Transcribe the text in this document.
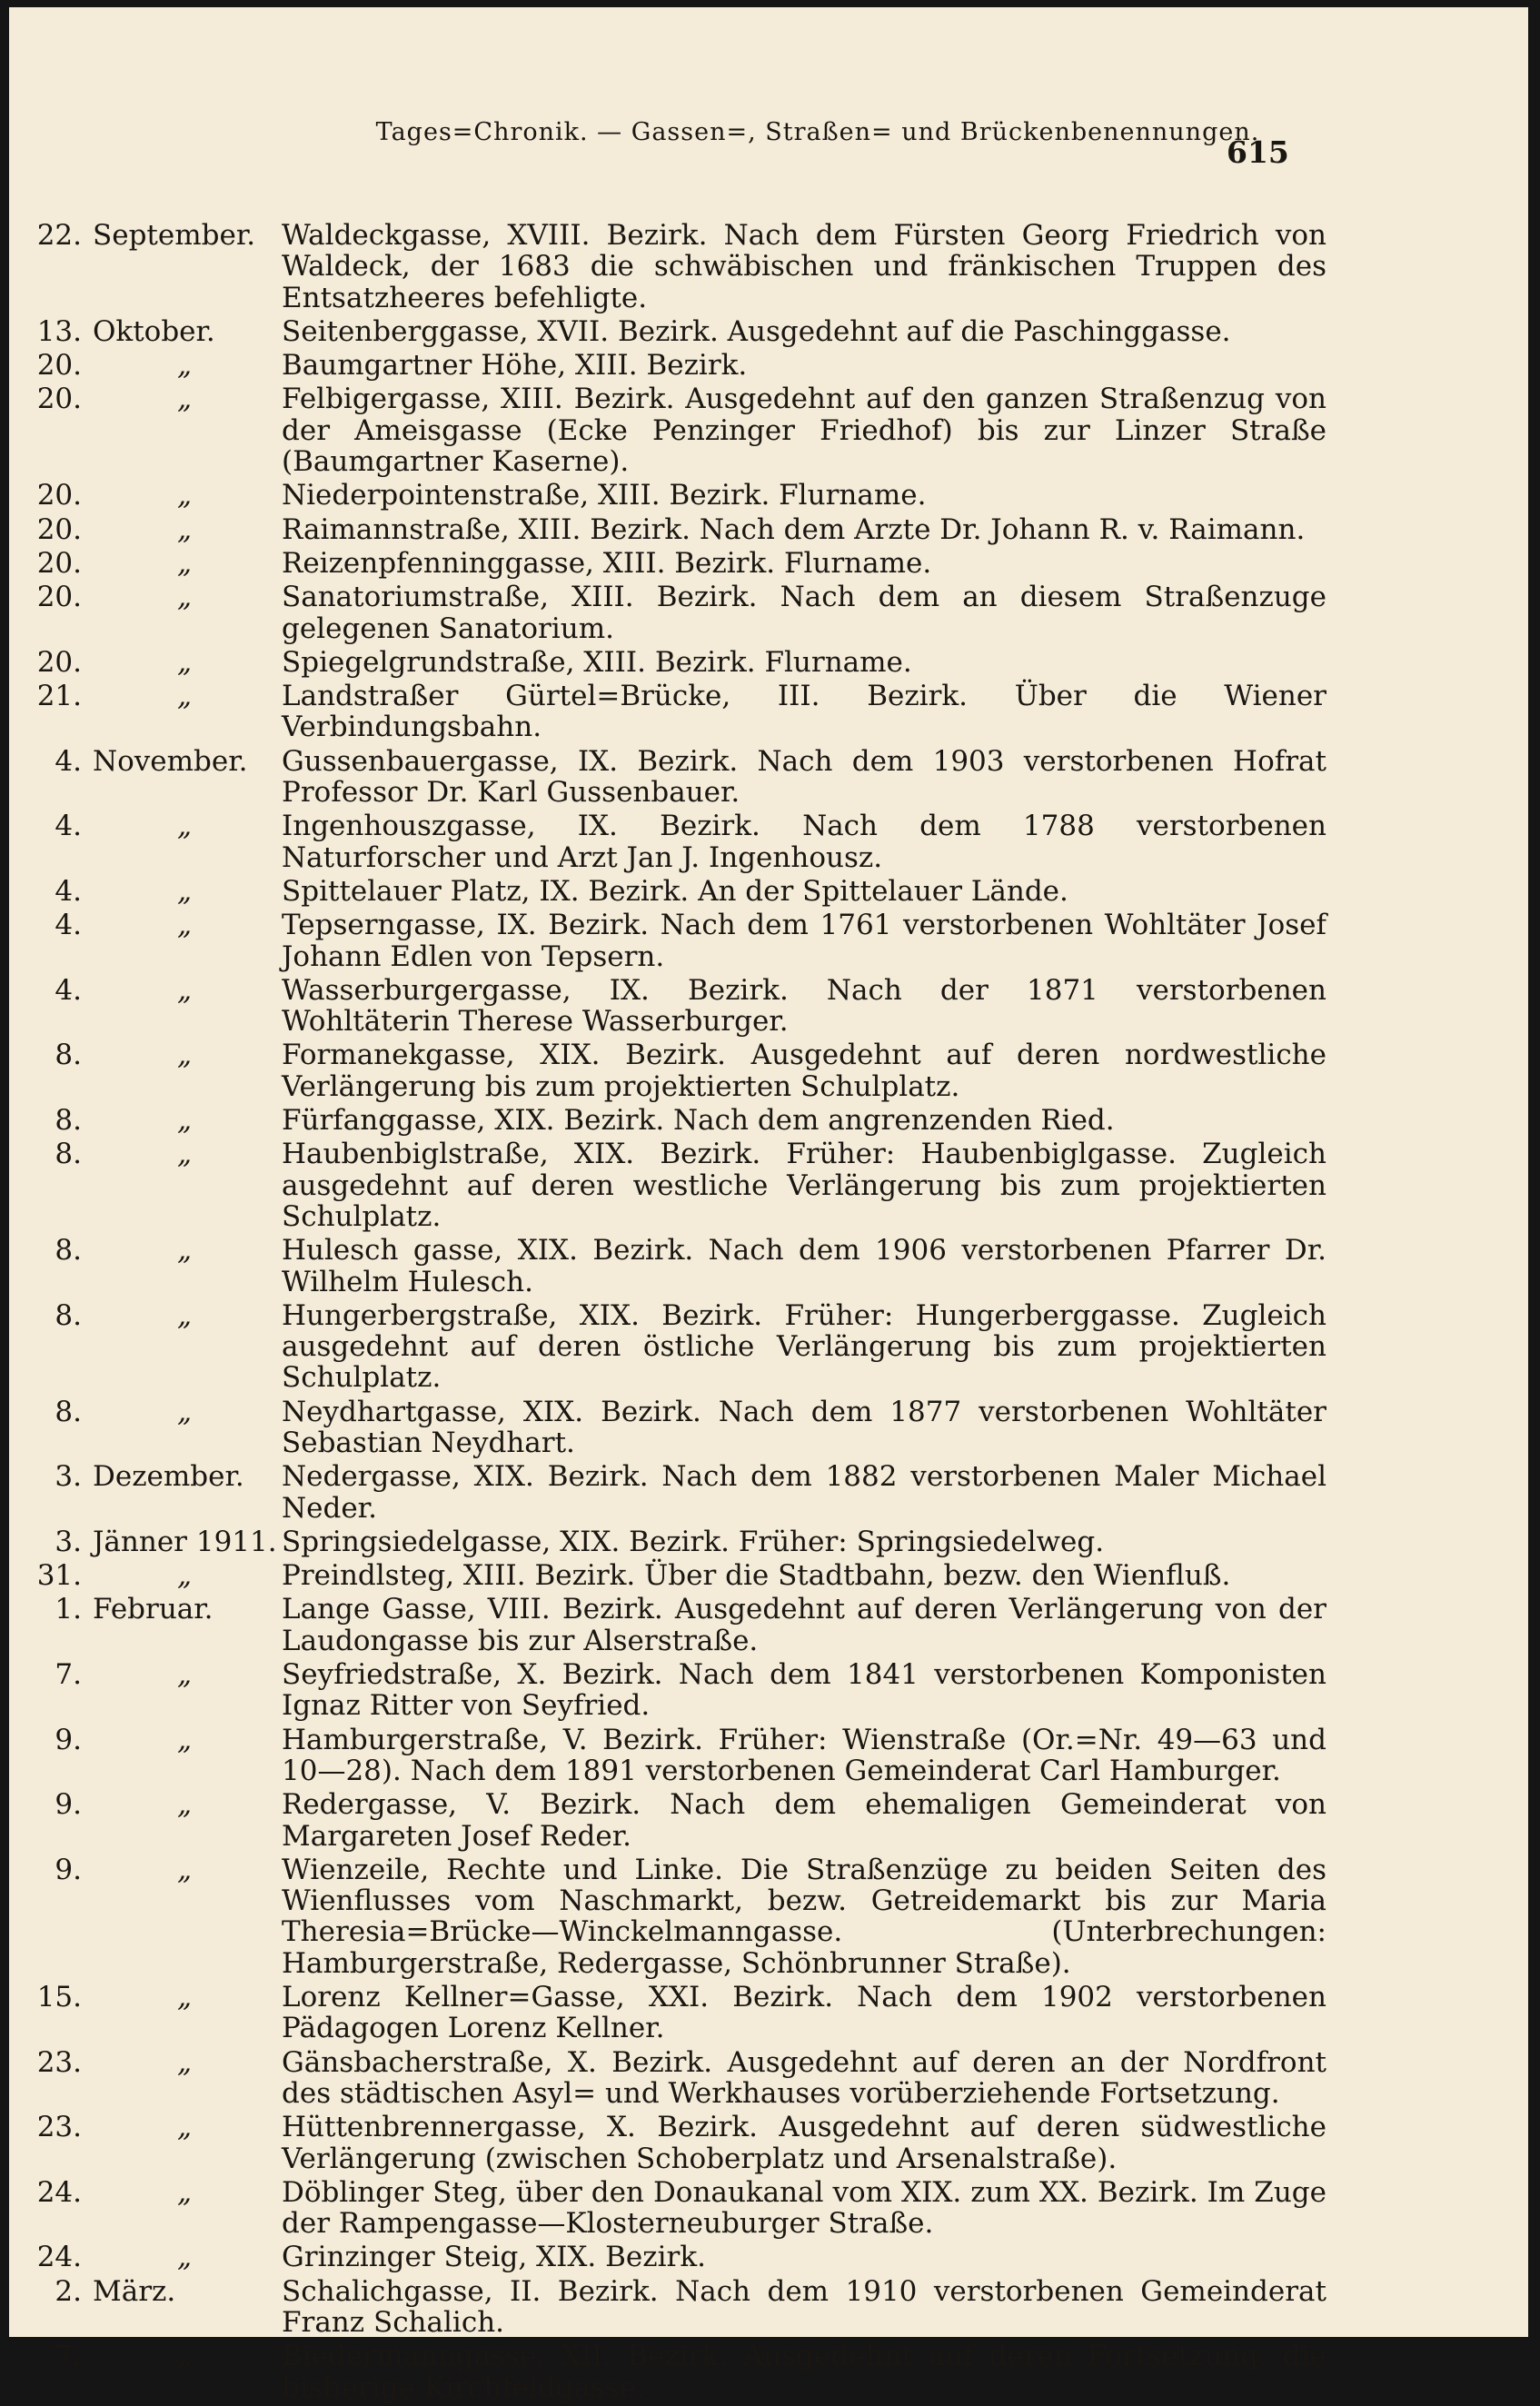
Tages=Chronik. — Gassen=, Straßen= und Brückenbenennungen.
615
22. September. Waldeckgasse, XVIII. Bezirk. Nach dem Fürsten Georg Friedrich von Waldeck, der 1683 die schwäbischen und fränkischen Truppen des Entsatzheeres befehligte.
13. Oktober.	Seitenberggasse, XVII. Bezirk. Ausgedehnt auf die Paschinggasse.
20.	„	Baumgartner Höhe, XIII. Bezirk.
20.	„	Felbigergasse, XIII. Bezirk. Ausgedehnt auf den ganzen Straßenzug von der Ameisgasse (Ecke Penzinger Friedhof) bis zur Linzer Straße (Baumgartner Kaserne).
20.	„	Niederpointenstraße, XIII. Bezirk. Flurname.
20.	„	Raimannstraße, XIII. Bezirk. Nach dem Arzte Dr. Johann R. v. Raimann.
20.	„	Reizenpfenninggasse, XIII. Bezirk. Flurname.
20.	„	Sanatoriumstraße, XIII. Bezirk. Nach dem an diesem Straßenzuge gelegenen Sanatorium.
20.	„	Spiegelgrundstraße, XIII. Bezirk. Flurname.
21.	„	Landstraßer Gürtel=Brücke, III. Bezirk. Über die Wiener Verbindungsbahn.
4. November.	Gussenbauergasse, IX. Bezirk. Nach dem 1903 verstorbenen Hofrat Professor Dr. Karl Gussenbauer.
4.	„	Ingenhouszgasse, IX. Bezirk. Nach dem 1788 verstorbenen Naturforscher und Arzt Jan J. Ingenhousz.
4.	„	Spittelauer Platz, IX. Bezirk. An der Spittelauer Lände.
4.	„	Tepserngasse, IX. Bezirk. Nach dem 1761 verstorbenen Wohltäter Josef Johann Edlen von Tepsern.
4.	„	Wasserburgergasse, IX. Bezirk. Nach der 1871 verstorbenen Wohltäterin Therese Wasserburger.
8.	„	Formanekgasse, XIX. Bezirk. Ausgedehnt auf deren nordwestliche Verlängerung bis zum projektierten Schulplatz.
8.	„	Fürfanggasse, XIX. Bezirk. Nach dem angrenzenden Ried.
8.	„	Haubenbiglstraße, XIX. Bezirk. Früher: Haubenbiglgasse. Zugleich ausgedehnt auf deren westliche Verlängerung bis zum projektierten Schulplatz.
8.	„	Hulesch gasse, XIX. Bezirk. Nach dem 1906 verstorbenen Pfarrer Dr. Wilhelm Hulesch.
8.	„	Hungerbergstraße, XIX. Bezirk. Früher: Hungerberggasse. Zugleich ausgedehnt auf deren östliche Verlängerung bis zum projektierten Schulplatz.
8.	„	Neydhartgasse, XIX. Bezirk. Nach dem 1877 verstorbenen Wohltäter Sebastian Neydhart.
3. Dezember.	Nedergasse, XIX. Bezirk. Nach dem 1882 verstorbenen Maler Michael Neder.
3. Jänner 1911. Springsiedelgasse, XIX. Bezirk. Früher: Springsiedelweg.
31.	„	Preindlsteg, XIII. Bezirk. Über die Stadtbahn, bezw. den Wienfluß.
1. Februar.	Lange Gasse, VIII. Bezirk. Ausgedehnt auf deren Verlängerung von der Laudongasse bis zur Alserstraße.
7.	„	Seyfriedstraße, X. Bezirk. Nach dem 1841 verstorbenen Komponisten Ignaz Ritter von Seyfried.
9.	„	Hamburgerstraße, V. Bezirk. Früher: Wienstraße (Or.=Nr. 49—63 und 10—28). Nach dem 1891 verstorbenen Gemeinderat Carl Hamburger.
9.	„	Redergasse, V. Bezirk. Nach dem ehemaligen Gemeinderat von Margareten Josef Reder.
9.	„	Wienzeile, Rechte und Linke. Die Straßenzüge zu beiden Seiten des Wienflusses vom Naschmarkt, bezw. Getreidemarkt bis zur Maria Theresia=Brücke—Winckelmanngasse. (Unterbrechungen: Hamburgerstraße, Redergasse, Schönbrunner Straße).
15.	„	Lorenz Kellner=Gasse, XXI. Bezirk. Nach dem 1902 verstorbenen Pädagogen Lorenz Kellner.
23.	„	Gänsbacherstraße, X. Bezirk. Ausgedehnt auf deren an der Nordfront des städtischen Asyl= und Werkhauses vorüberziehende Fortsetzung.
23.	„	Hüttenbrennergasse, X. Bezirk. Ausgedehnt auf deren südwestliche Verlängerung (zwischen Schoberplatz und Arsenalstraße).
24.	„	Döblinger Steg, über den Donaukanal vom XIX. zum XX. Bezirk. Im Zuge der Rampengasse—Klosterneuburger Straße.
24.	„	Grinzinger Steig, XIX. Bezirk.
2. März.	Schalichgasse, II. Bezirk. Nach dem 1910 verstorbenen Gemeinderat Franz Schalich.
7.	„	Biedermanngasse, XII. Bezirk. Ausgedehnt auf deren Fortsetzung, die bisherige Kirchfeldgasse.
